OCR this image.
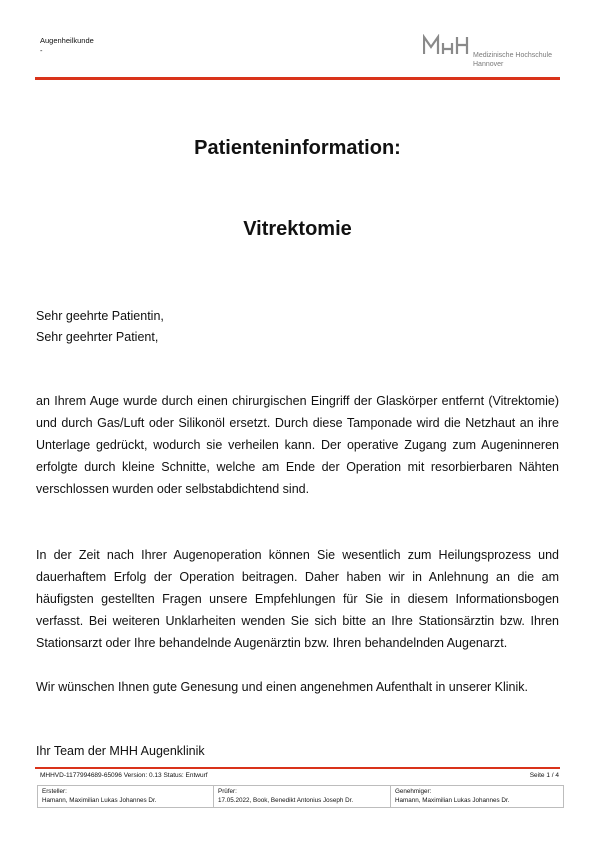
Augenheilkunde
-
Medizinische Hochschule
Hannover
Patienteninformation:
Vitrektomie
Sehr geehrte Patientin,
Sehr geehrter Patient,
an Ihrem Auge wurde durch einen chirurgischen Eingriff der Glaskörper entfernt (Vitrektomie) und durch Gas/Luft oder Silikonöl ersetzt. Durch diese Tamponade wird die Netzhaut an ihre Unterlage gedrückt, wodurch sie verheilen kann. Der operative Zugang zum Augeninneren erfolgte durch kleine Schnitte, welche am Ende der Operation mit resorbierbaren Nähten verschlossen wurden oder selbstabdichtend sind.
In der Zeit nach Ihrer Augenoperation können Sie wesentlich zum Heilungsprozess und dauerhaftem Erfolg der Operation beitragen. Daher haben wir in Anlehnung an die am häufigsten gestellten Fragen unsere Empfehlungen für Sie in diesem Informationsbogen verfasst. Bei weiteren Unklarheiten wenden Sie sich bitte an Ihre Stationsärztin bzw. Ihren Stationsarzt oder Ihre behandelnde Augenärztin bzw. Ihren behandelnden Augenarzt.
Wir wünschen Ihnen gute Genesung und einen angenehmen Aufenthalt in unserer Klinik.
Ihr Team der MHH Augenklinik
MHHVD-1177994689-65096 Version: 0.13 Status: Entwurf	Seite 1 / 4
Ersteller:
Hamann, Maximilian Lukas Johannes Dr.
Prüfer:
17.05.2022, Book, Benedikt Antonius Joseph Dr.
Genehmiger:
Hamann, Maximilian Lukas Johannes Dr.
